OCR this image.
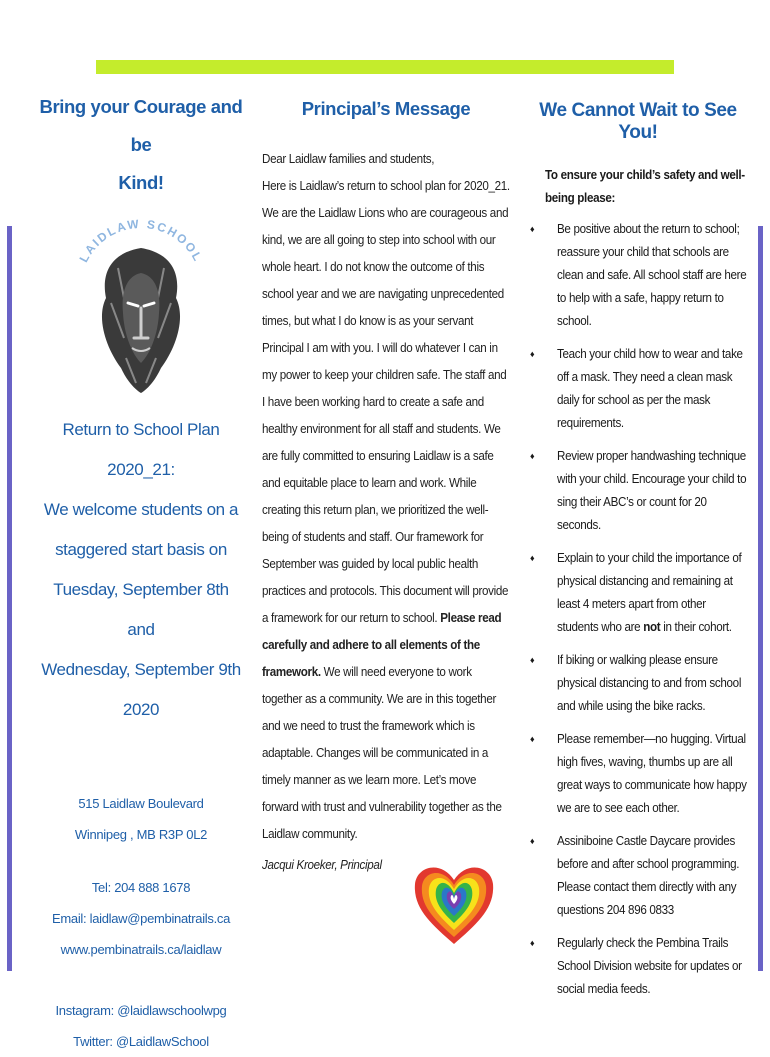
Bring your Courage and be
Kind!
LAIDLAW SCHOOL
Return to School Plan
2020_21:
We welcome students on a
staggered start basis on
Tuesday, September 8th and
Wednesday, September 9th
2020
515 Laidlaw Boulevard
Winnipeg , MB R3P 0L2
Tel: 204 888 1678
Email: laidlaw@pembinatrails.ca
www.pembinatrails.ca/laidlaw
Instagram: @laidlawschoolwpg
Twitter: @LaidlawSchool
Principal’s Message

Dear Laidlaw families and students,

Here is Laidlaw’s return to school plan for 2020_21. We are the Laidlaw Lions who are courageous and kind, we are all going to step into school with our whole heart. I do not know the outcome of this school year and we are navigating unprecedented times, but what I do know is as your servant Principal I am with you. I will do whatever I can in my power to keep your children safe. The staff and I have been working hard to create a safe and healthy environment for all staff and students. We are fully committed to ensuring Laidlaw is a safe and equitable place to learn and work. While creating this return plan, we prioritized the well-being of students and staff. Our framework for September was guided by local public health practices and protocols. This document will provide a framework for our return to school. Please read carefully and adhere to all elements of the framework. We will need everyone to work together as a community. We are in this together and we need to trust the framework which is adaptable. Changes will be communicated in a timely manner as we learn more. Let’s move forward with trust and vulnerability together as the Laidlaw community.

Jacqui Kroeker, Principal

We Cannot Wait to See You!
To ensure your child’s safety and well-being please:
♦ Be positive about the return to school; reassure your child that schools are clean and safe. All school staff are here to help with a safe, happy return to school.
♦ Teach your child how to wear and take off a mask. They need a clean mask daily for school as per the mask requirements.
♦ Review proper handwashing technique with your child. Encourage your child to sing their ABC’s or count for 20 seconds.
♦ Explain to your child the importance of physical distancing and remaining at least 4 meters apart from other students who are not in their cohort.
♦ If biking or walking please ensure physical distancing to and from school and while using the bike racks.
♦ Please remember—no hugging. Virtual high fives, waving, thumbs up are all great ways to communicate how happy we are to see each other.
♦ Assiniboine Castle Daycare provides before and after school programming. Please contact them directly with any questions 204 896 0833
♦ Regularly check the Pembina Trails School Division website for updates or social media feeds.
